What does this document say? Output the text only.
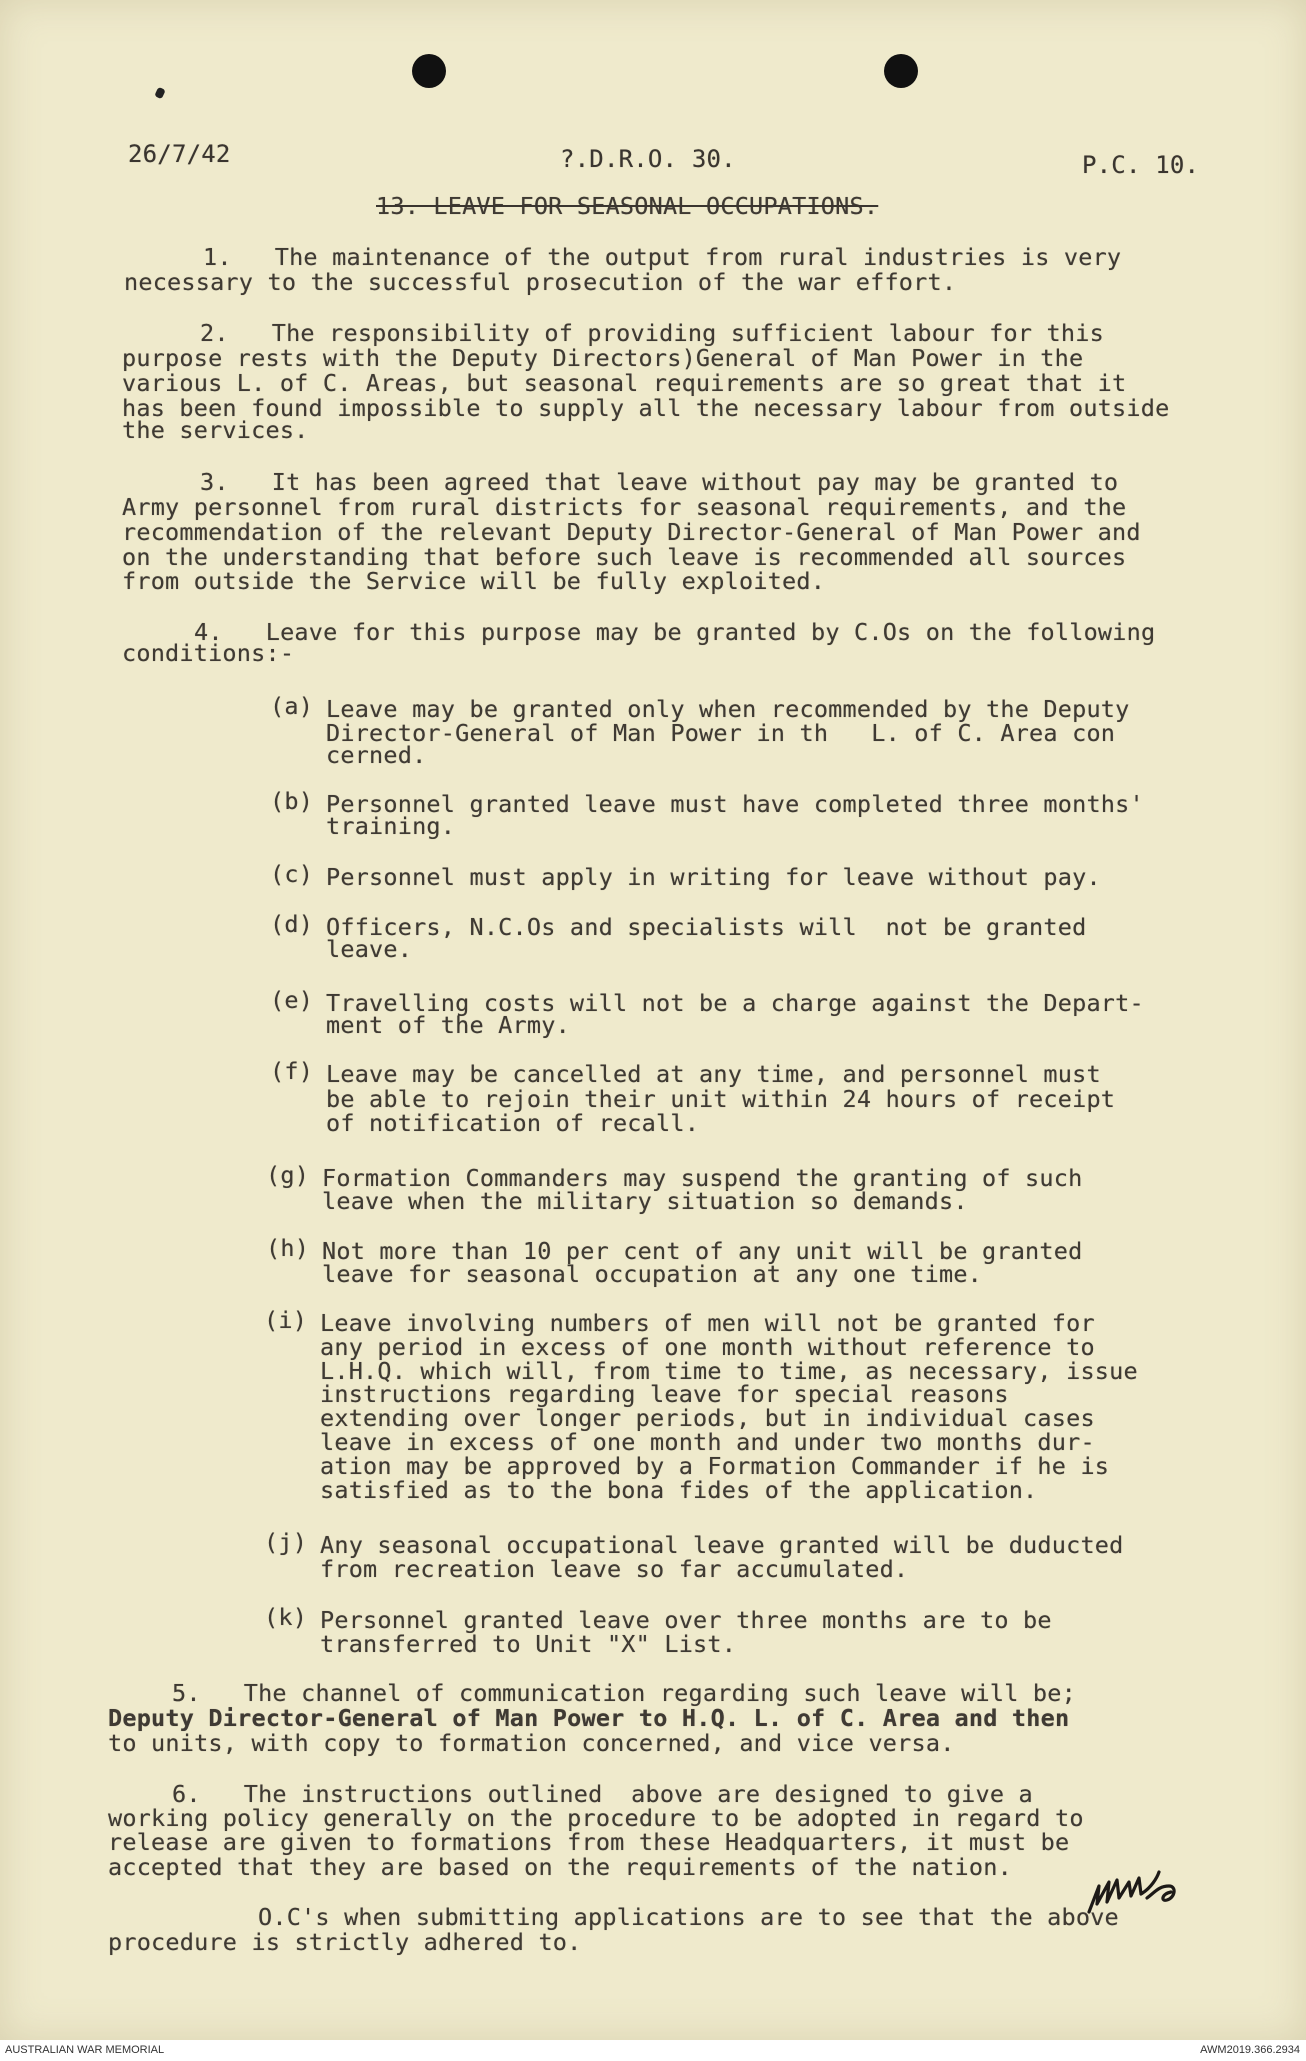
26/7/42	?.D.R.O. 30.	P.C. 10.
13. LEAVE FOR SEASONAL OCCUPATIONS.
1.   The maintenance of the output from rural industries is very
necessary to the successful prosecution of the war effort.
2.   The responsibility of providing sufficient labour for this
purpose rests with the Deputy Directors)General of Man Power in the
various L. of C. Areas, but seasonal requirements are so great that it
has been found impossible to supply all the necessary labour from outside
the services.
3.   It has been agreed that leave without pay may be granted to
Army personnel from rural districts for seasonal requirements, and the
recommendation of the relevant Deputy Director-General of Man Power and
on the understanding that before such leave is recommended all sources
from outside the Service will be fully exploited.
4.   Leave for this purpose may be granted by C.Os on the following
conditions:-
(a) Leave may be granted only when recommended by the Deputy
Director-General of Man Power in th   L. of C. Area con
cerned.
(b) Personnel granted leave must have completed three months'
training.
(c) Personnel must apply in writing for leave without pay.
(d) Officers, N.C.Os and specialists will  not be granted
leave.
(e) Travelling costs will not be a charge against the Depart-
ment of the Army.
(f) Leave may be cancelled at any time, and personnel must
be able to rejoin their unit within 24 hours of receipt
of notification of recall.
(g) Formation Commanders may suspend the granting of such
leave when the military situation so demands.
(h) Not more than 10 per cent of any unit will be granted
leave for seasonal occupation at any one time.
(i) Leave involving numbers of men will not be granted for
any period in excess of one month without reference to
L.H.Q. which will, from time to time, as necessary, issue
instructions regarding leave for special reasons
extending over longer periods, but in individual cases
leave in excess of one month and under two months dur-
ation may be approved by a Formation Commander if he is
satisfied as to the bona fides of the application.
(j) Any seasonal occupational leave granted will be duducted
from recreation leave so far accumulated.
(k) Personnel granted leave over three months are to be
transferred to Unit "X" List.
5.   The channel of communication regarding such leave will be;
Deputy Director-General of Man Power to H.Q. L. of C. Area and then
to units, with copy to formation concerned, and vice versa.
6.   The instructions outlined  above are designed to give a
working policy generally on the procedure to be adopted in regard to
release are given to formations from these Headquarters, it must be
accepted that they are based on the requirements of the nation.
O.C's when submitting applications are to see that the above
procedure is strictly adhered to.
AUSTRALIAN WAR MEMORIAL	AWM2019.366.2934
